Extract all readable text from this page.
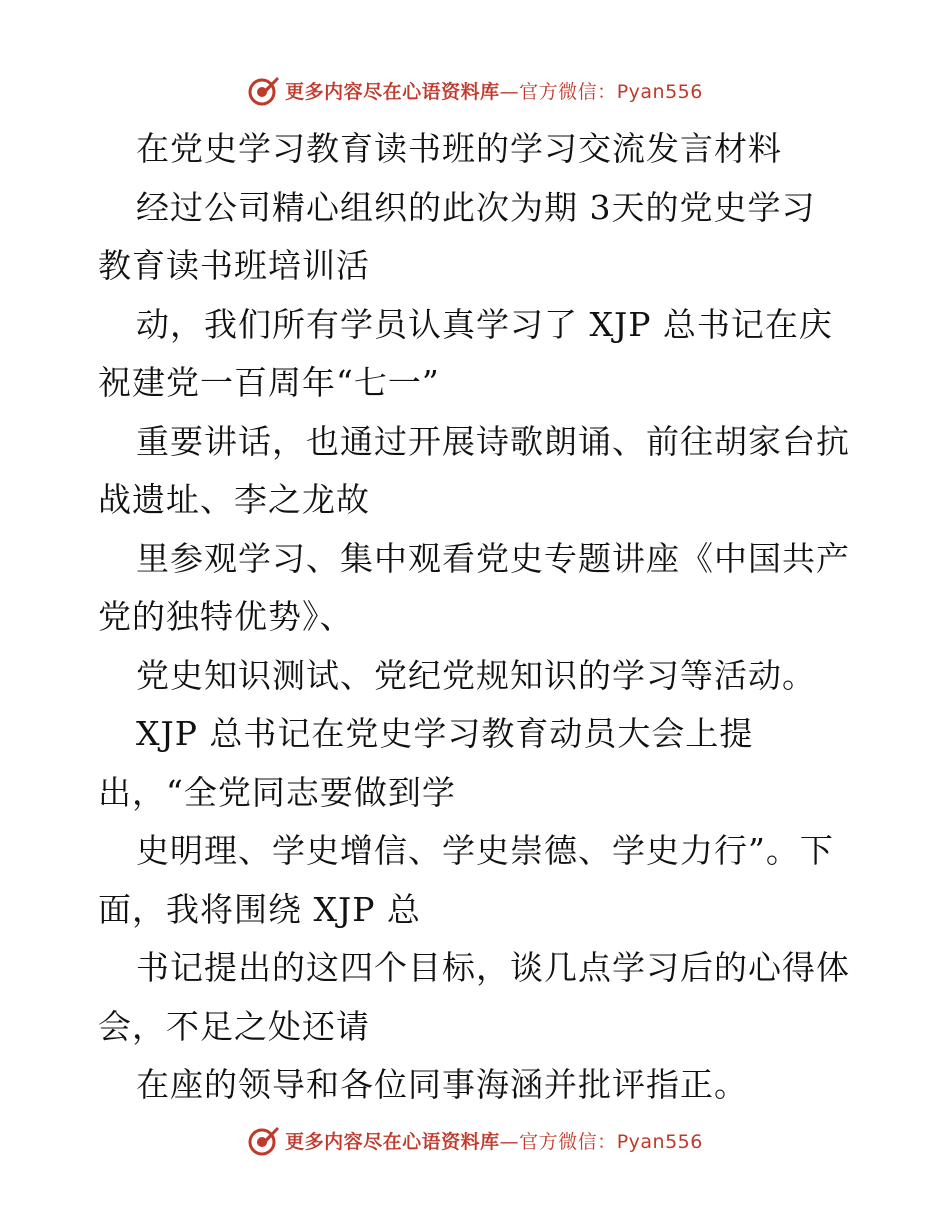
更多内容尽在心语资料库—官方微信：Pyan556
在党史学习教育读书班的学习交流发言材料
经过公司精心组织的此次为期 3天的党史学习
教育读书班培训活
动，我们所有学员认真学习了 XJP 总书记在庆
祝建党一百周年“七一”
重要讲话，也通过开展诗歌朗诵、前往胡家台抗
战遗址、李之龙故
里参观学习、集中观看党史专题讲座《中国共产
党的独特优势》、
党史知识测试、党纪党规知识的学习等活动。
XJP 总书记在党史学习教育动员大会上提
出，“全党同志要做到学
史明理、学史增信、学史崇德、学史力行”。下
面，我将围绕 XJP 总
书记提出的这四个目标，谈几点学习后的心得体
会，不足之处还请
在座的领导和各位同事海涵并批评指正。
更多内容尽在心语资料库—官方微信：Pyan556
